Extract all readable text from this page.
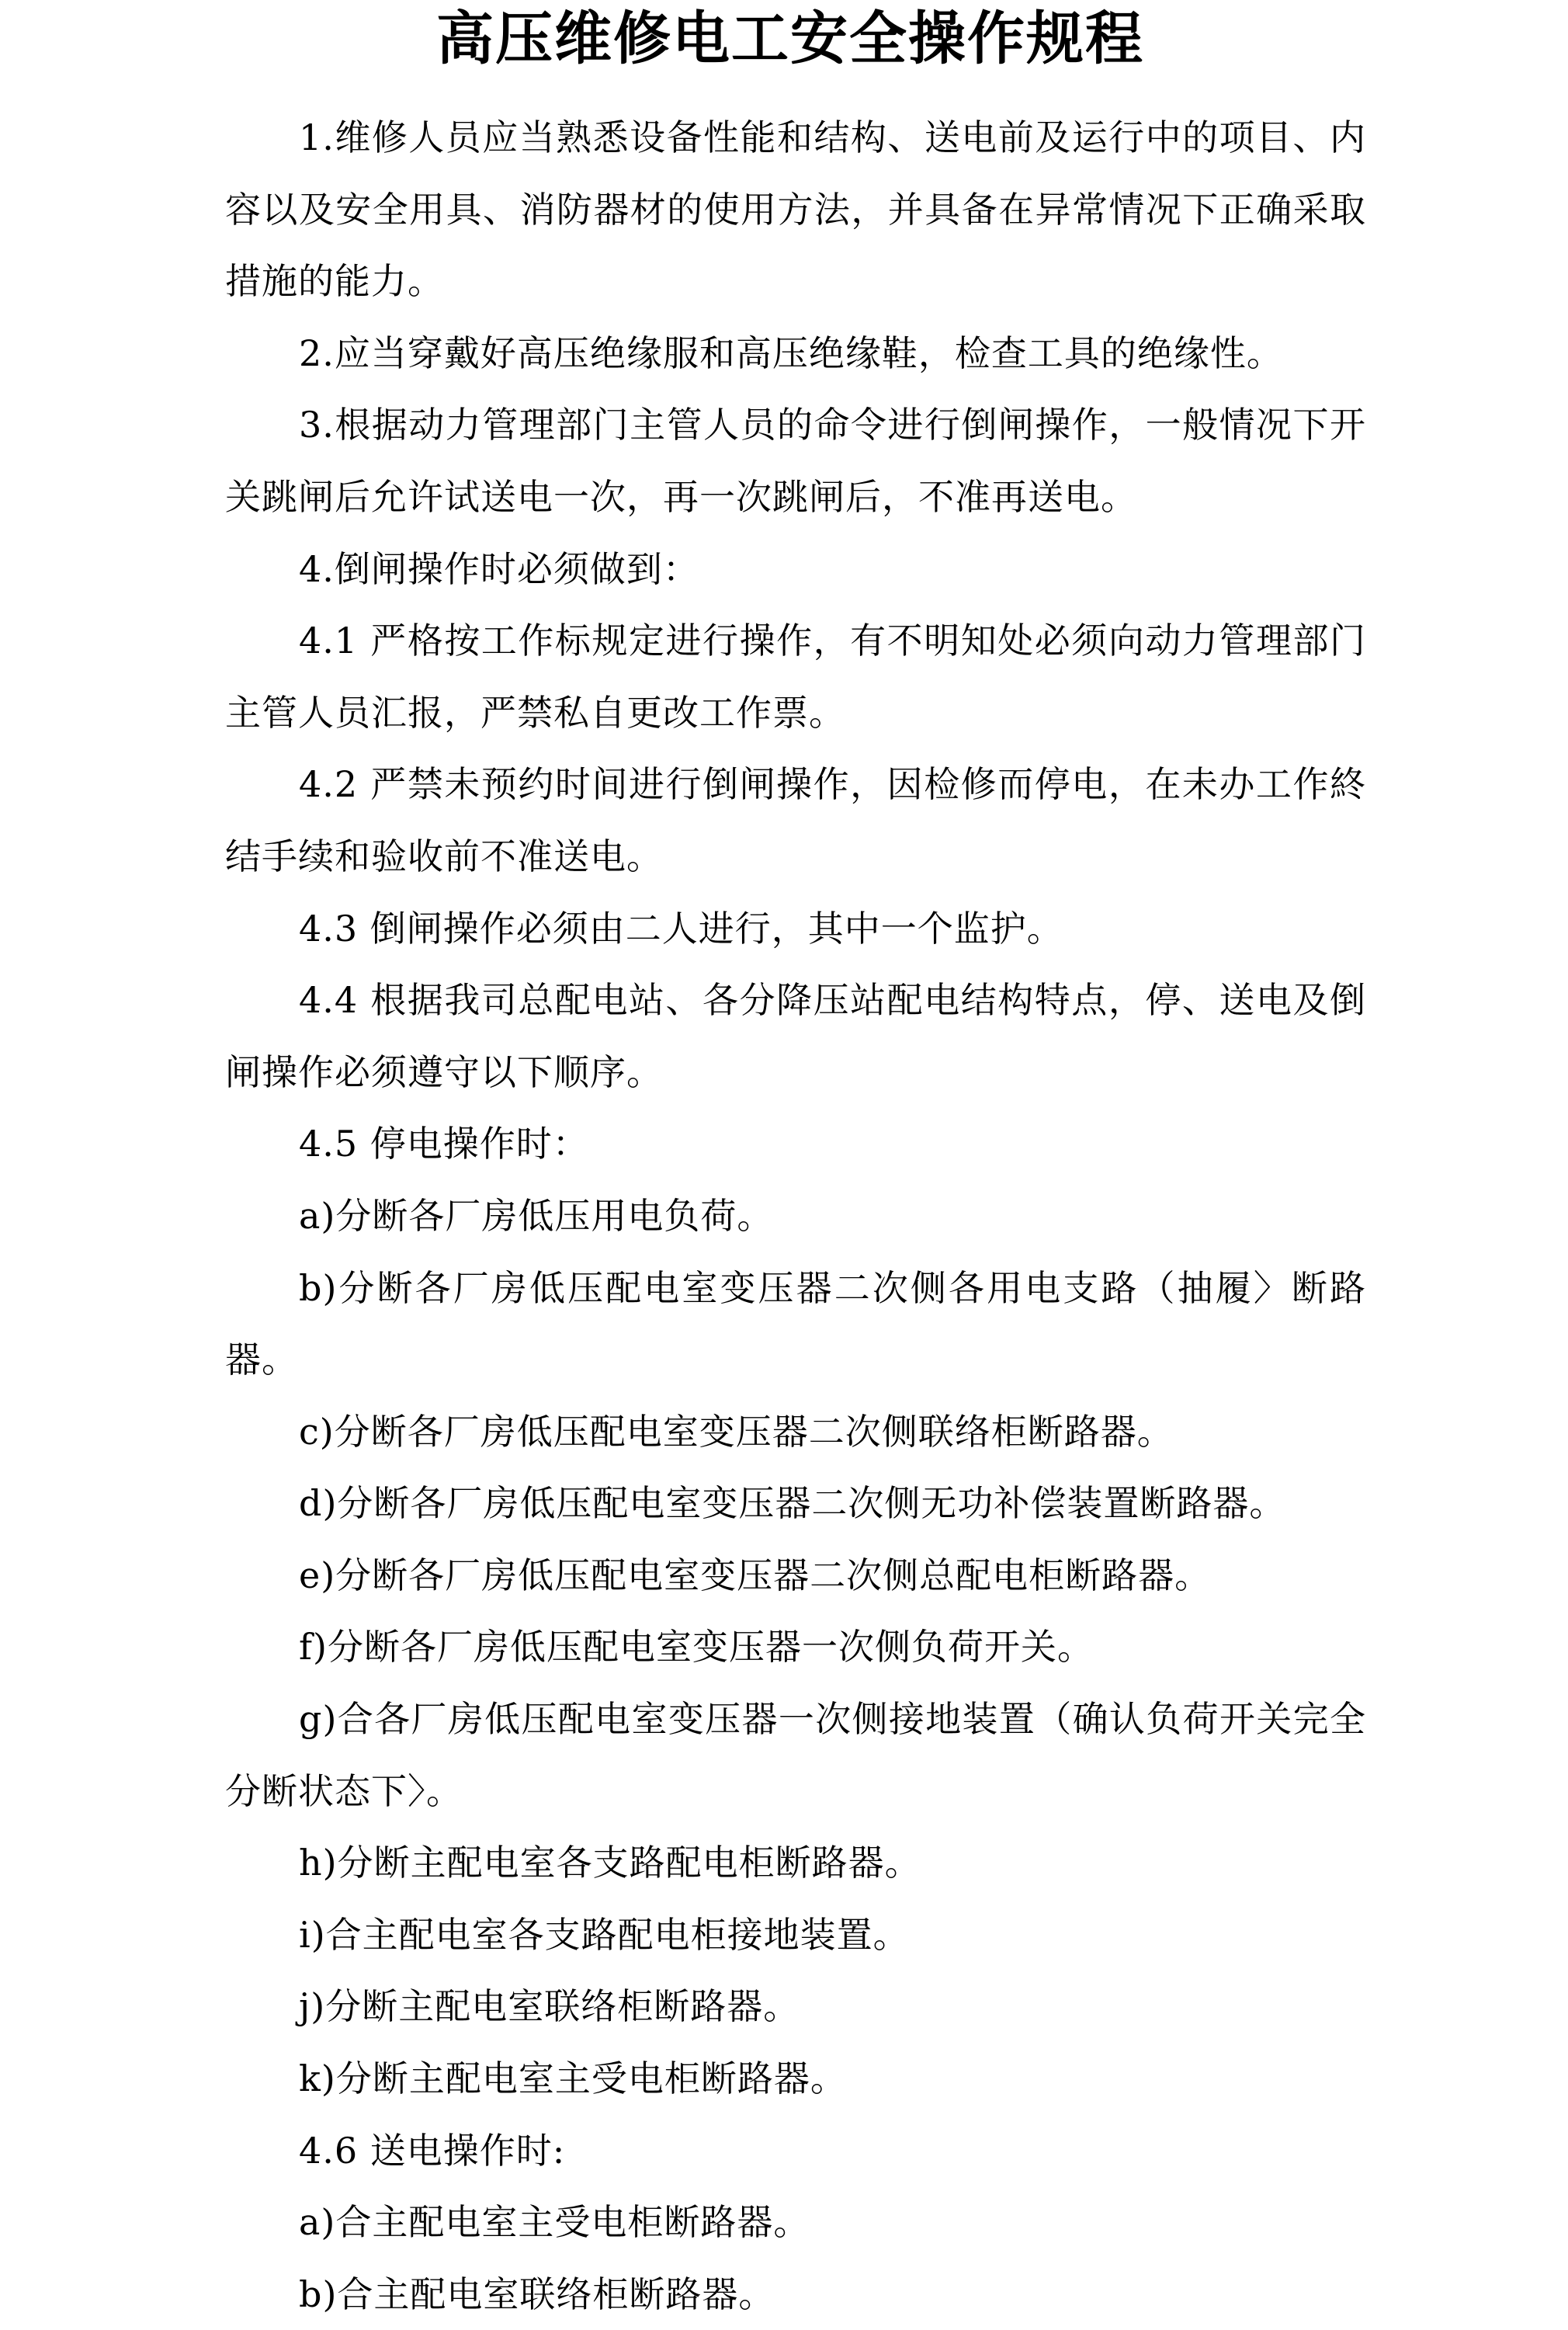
高压维修电工安全操作规程

1.维修人员应当熟悉设备性能和结构、送电前及运行中的项目、内容以及安全用具、消防器材的使用方法，并具备在异常情况下正确采取措施的能力。

2.应当穿戴好高压绝缘服和高压绝缘鞋，检查工具的绝缘性。

3.根据动力管理部门主管人员的命令进行倒闸操作，一般情况下开关跳闸后允许试送电一次，再一次跳闸后，不准再送电。

4.倒闸操作时必须做到：

4.1 严格按工作标规定进行操作，有不明知处必须向动力管理部门主管人员汇报，严禁私自更改工作票。

4.2 严禁未预约时间进行倒闸操作，因检修而停电，在未办工作終结手续和验收前不准送电。

4.3 倒闸操作必须由二人进行，其中一个监护。

4.4 根据我司总配电站、各分降压站配电结构特点，停、送电及倒闸操作必须遵守以下顺序。

4.5 停电操作时：

a)分断各厂房低压用电负荷。

b)分断各厂房低压配电室变压器二次侧各用电支路（抽履〉断路器。

c)分断各厂房低压配电室变压器二次侧联络柜断路器。

d)分断各厂房低压配电室变压器二次侧无功补偿装置断路器。

e)分断各厂房低压配电室变压器二次侧总配电柜断路器。

f)分断各厂房低压配电室变压器一次侧负荷开关。

g)合各厂房低压配电室变压器一次侧接地装置（确认负荷开关完全分断状态下〉。

h)分断主配电室各支路配电柜断路器。

i)合主配电室各支路配电柜接地装置。

j)分断主配电室联络柜断路器。

k)分断主配电室主受电柜断路器。

4.6 送电操作时:

a)合主配电室主受电柜断路器。

b)合主配电室联络柜断路器。
